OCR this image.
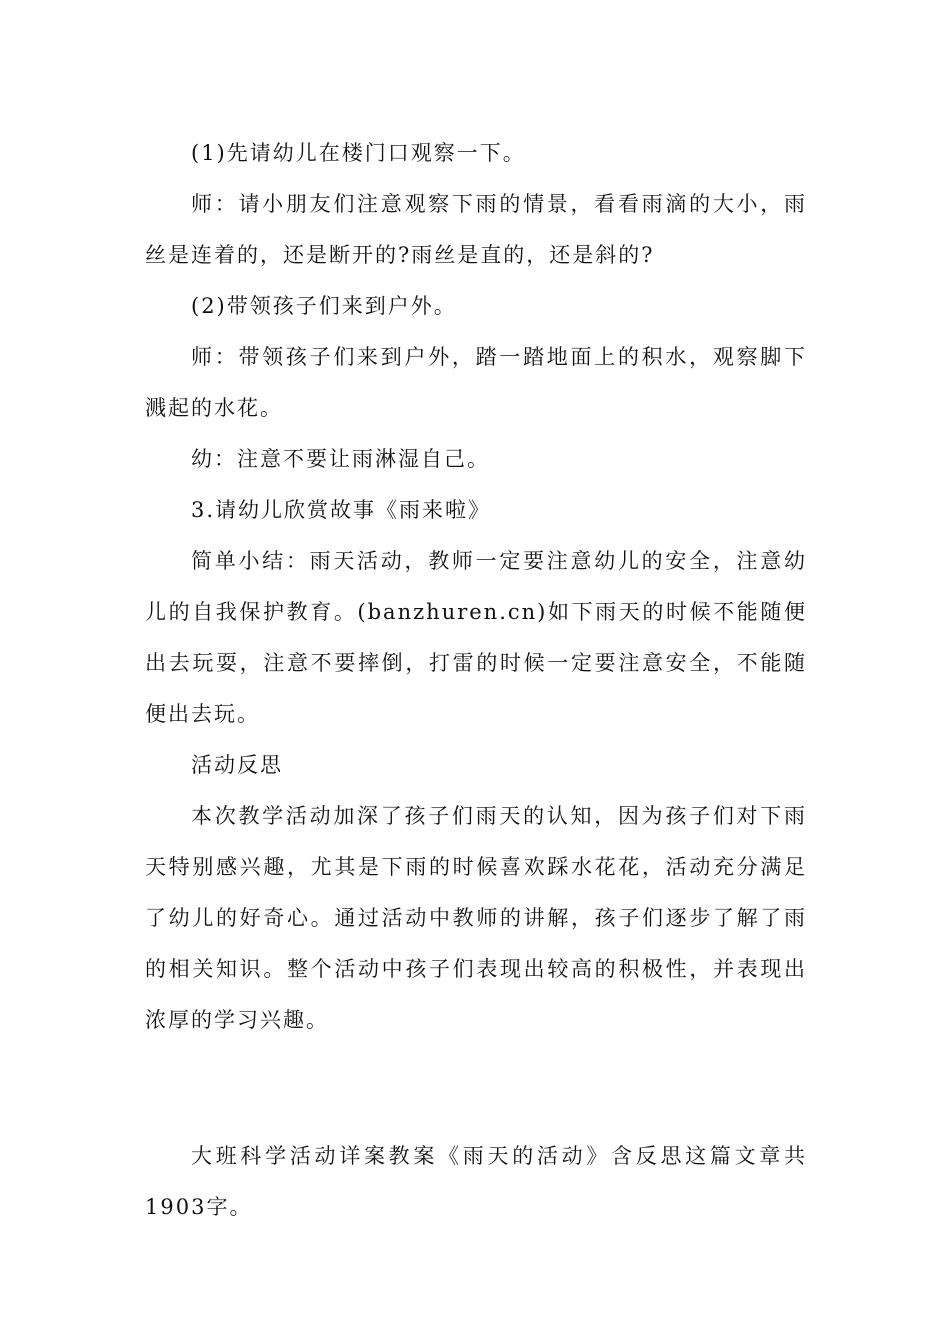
(1)先请幼儿在楼门口观察一下。

师：请小朋友们注意观察下雨的情景，看看雨滴的大小，雨丝是连着的，还是断开的?雨丝是直的，还是斜的?

(2)带领孩子们来到户外。

师：带领孩子们来到户外，踏一踏地面上的积水，观察脚下溅起的水花。

幼：注意不要让雨淋湿自己。

3.请幼儿欣赏故事《雨来啦》

简单小结：雨天活动，教师一定要注意幼儿的安全，注意幼儿的自我保护教育。(banzhuren.cn)如下雨天的时候不能随便出去玩耍，注意不要摔倒，打雷的时候一定要注意安全，不能随便出去玩。

活动反思

本次教学活动加深了孩子们雨天的认知，因为孩子们对下雨天特别感兴趣，尤其是下雨的时候喜欢踩水花花，活动充分满足了幼儿的好奇心。通过活动中教师的讲解，孩子们逐步了解了雨的相关知识。整个活动中孩子们表现出较高的积极性，并表现出浓厚的学习兴趣。

大班科学活动详案教案《雨天的活动》含反思这篇文章共1903字。
